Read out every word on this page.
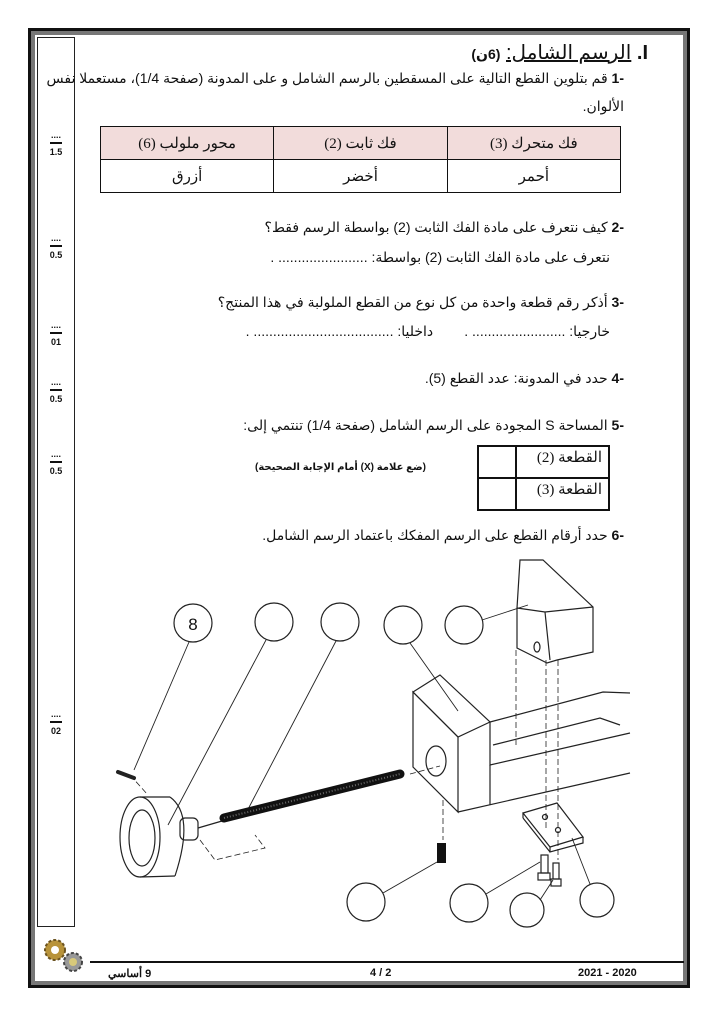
....
1.5
....
0.5
....
01
....
0.5
....
0.5
....
02
I. الرسم الشامل: (6ن)
-1 قم بتلوين القطع التالية على المسقطين بالرسم الشامل و على المدونة (صفحة 1/4)، مستعملا نفس
الألوان.
فك متحرك (3)	فك ثابت (2)	محور ملولب (6)
أحمر	أخضر	أزرق
-2 كيف نتعرف على مادة الفك الثابت (2) بواسطة الرسم فقط؟
نتعرف على مادة الفك الثابت (2) بواسطة: ....................... .
-3 أذكر رقم قطعة واحدة من كل نوع من القطع الملولبة في هذا المنتج؟
خارجيا: ........................ .        داخليا: .................................... .
-4 حدد في المدونة: عدد القطع (5).
-5 المساحة S المجودة على الرسم الشامل (صفحة 1/4) تنتمي إلى:
(ضع علامة (X) أمام الإجابة الصحيحة)
القطعة (2)	
القطعة (3)	
-6 حدد أرقام القطع على الرسم المفكك باعتماد الرسم الشامل.
8
2021 - 2020
4 / 2
9 أساسي
